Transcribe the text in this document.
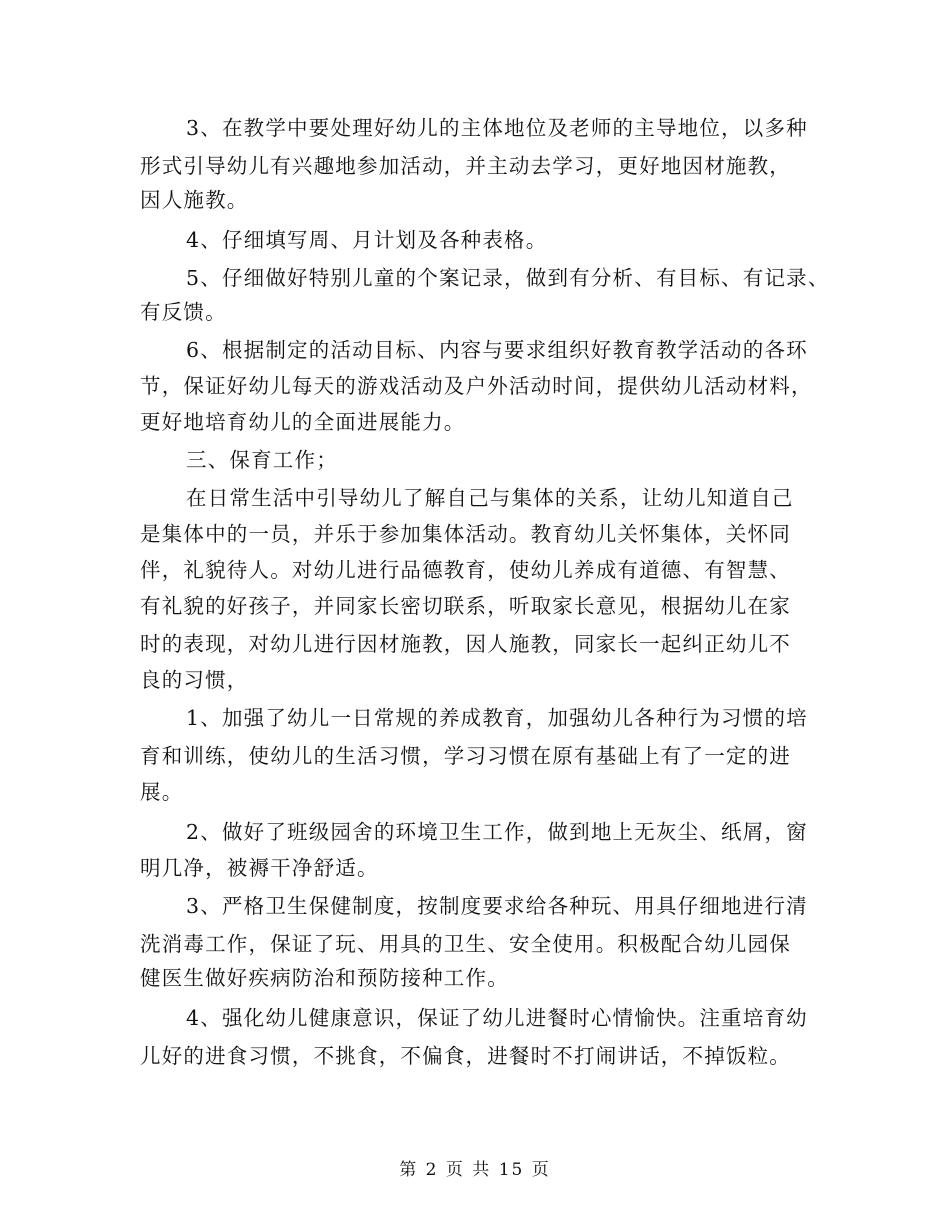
3、在教学中要处理好幼儿的主体地位及老师的主导地位，以多种
形式引导幼儿有兴趣地参加活动，并主动去学习，更好地因材施教，
因人施教。
4、仔细填写周、月计划及各种表格。
5、仔细做好特别儿童的个案记录，做到有分析、有目标、有记录、
有反馈。
6、根据制定的活动目标、内容与要求组织好教育教学活动的各环
节，保证好幼儿每天的游戏活动及户外活动时间，提供幼儿活动材料，
更好地培育幼儿的全面进展能力。
三、保育工作；
在日常生活中引导幼儿了解自己与集体的关系，让幼儿知道自己
是集体中的一员，并乐于参加集体活动。教育幼儿关怀集体，关怀同
伴，礼貌待人。对幼儿进行品德教育，使幼儿养成有道德、有智慧、
有礼貌的好孩子，并同家长密切联系，听取家长意见，根据幼儿在家
时的表现，对幼儿进行因材施教，因人施教，同家长一起纠正幼儿不
良的习惯，
1、加强了幼儿一日常规的养成教育，加强幼儿各种行为习惯的培
育和训练，使幼儿的生活习惯，学习习惯在原有基础上有了一定的进
展。
2、做好了班级园舍的环境卫生工作，做到地上无灰尘、纸屑，窗
明几净，被褥干净舒适。
3、严格卫生保健制度，按制度要求给各种玩、用具仔细地进行清
洗消毒工作，保证了玩、用具的卫生、安全使用。积极配合幼儿园保
健医生做好疾病防治和预防接种工作。
4、强化幼儿健康意识，保证了幼儿进餐时心情愉快。注重培育幼
儿好的进食习惯，不挑食，不偏食，进餐时不打闹讲话，不掉饭粒。
第 2 页 共 15 页
